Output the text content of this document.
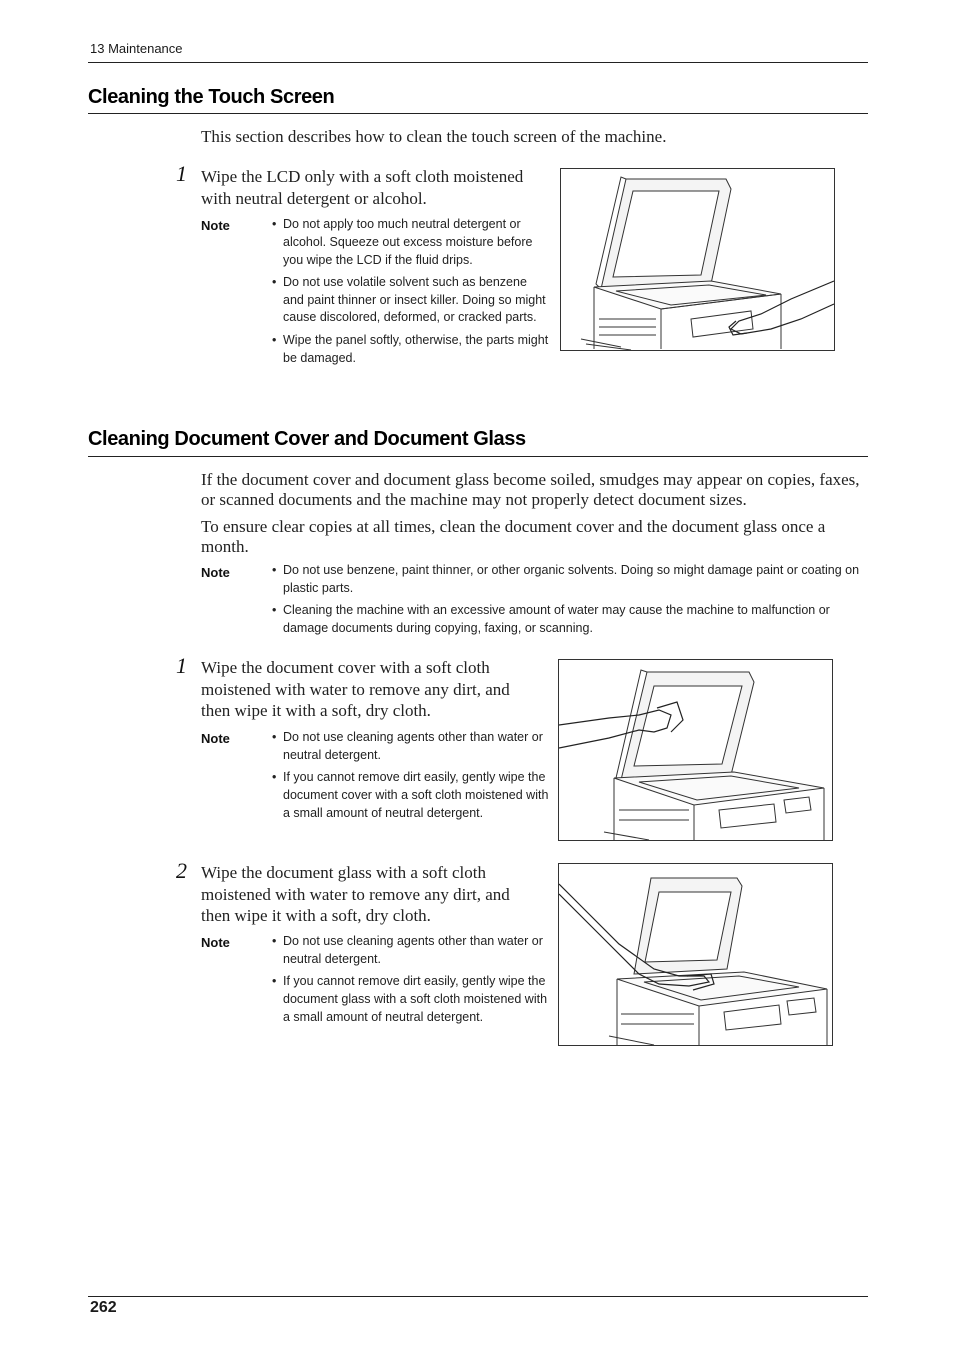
13 Maintenance
Cleaning the Touch Screen
This section describes how to clean the touch screen of the machine.
1 Wipe the LCD only with a soft cloth moistened
with neutral detergent or alcohol.
Note	• Do not apply too much neutral detergent or alcohol. Squeeze out excess moisture before you wipe the LCD if the fluid drips.
• Do not use volatile solvent such as benzene and paint thinner or insect killer. Doing so might cause discolored, deformed, or cracked parts.
• Wipe the panel softly, otherwise, the parts might be damaged.
Cleaning Document Cover and Document Glass
If the document cover and document glass become soiled, smudges may appear on copies, faxes, or scanned documents and the machine may not properly detect document sizes.
To ensure clear copies at all times, clean the document cover and the document glass once a month.
Note	• Do not use benzene, paint thinner, or other organic solvents. Doing so might damage paint or coating on plastic parts.
• Cleaning the machine with an excessive amount of water may cause the machine to malfunction or damage documents during copying, faxing, or scanning.
1 Wipe the document cover with a soft cloth moistened with water to remove any dirt, and then wipe it with a soft, dry cloth.
Note	• Do not use cleaning agents other than water or neutral detergent.
• If you cannot remove dirt easily, gently wipe the document cover with a soft cloth moistened with a small amount of neutral detergent.
2 Wipe the document glass with a soft cloth moistened with water to remove any dirt, and then wipe it with a soft, dry cloth.
Note	• Do not use cleaning agents other than water or neutral detergent.
• If you cannot remove dirt easily, gently wipe the document glass with a soft cloth moistened with a small amount of neutral detergent.
262
